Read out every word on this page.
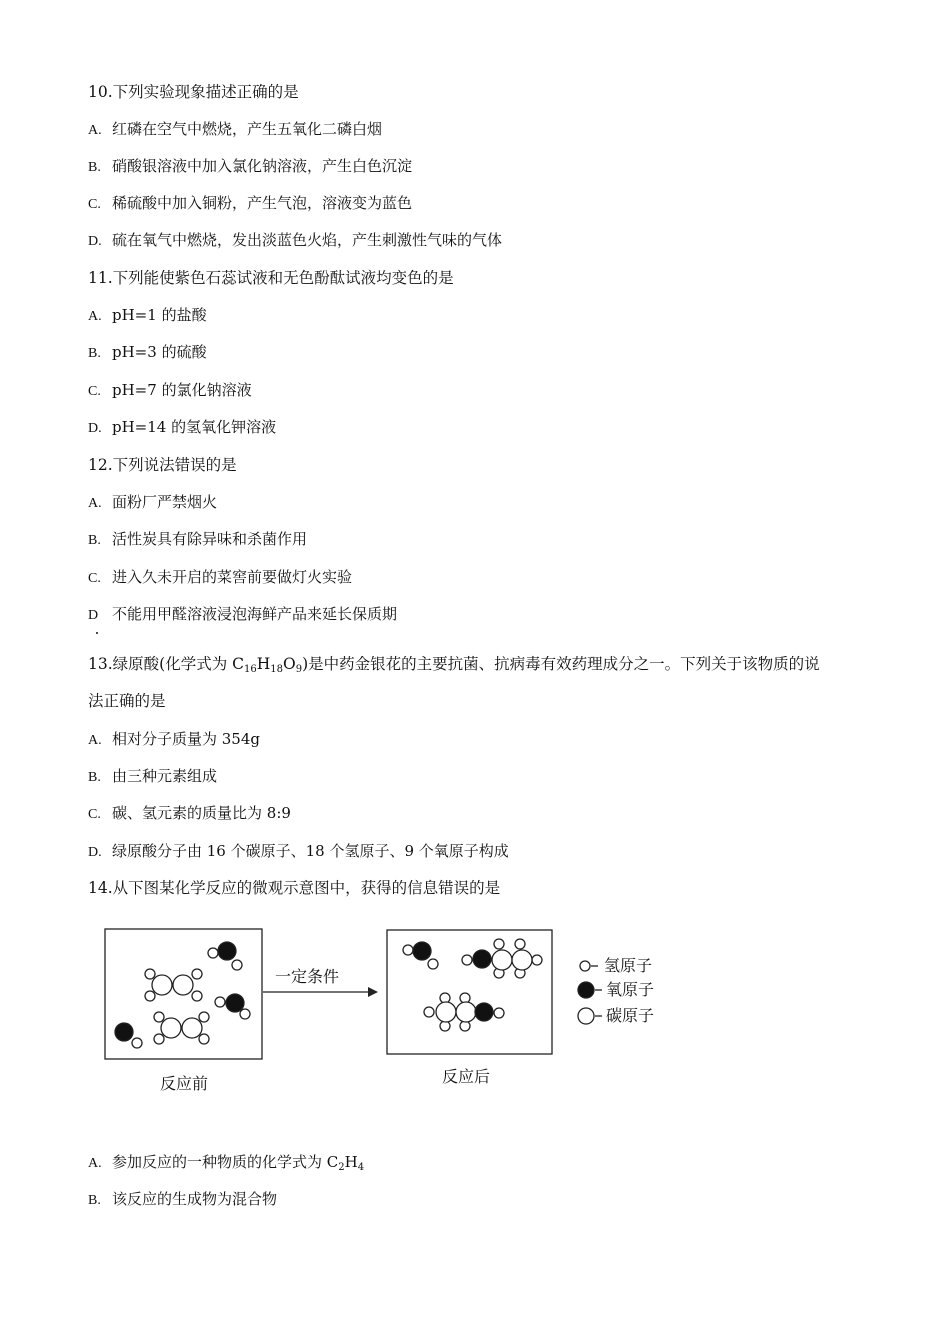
10.下列实验现象描述正确的是
A. 红磷在空气中燃烧，产生五氧化二磷白烟
B. 硝酸银溶液中加入氯化钠溶液，产生白色沉淀
C. 稀硫酸中加入铜粉，产生气泡，溶液变为蓝色
D. 硫在氧气中燃烧，发出淡蓝色火焰，产生刺激性气味的气体
11.下列能使紫色石蕊试液和无色酚酞试液均变色的是
A. pH=1 的盐酸
B. pH=3 的硫酸
C. pH=7 的氯化钠溶液
D. pH=14 的氢氧化钾溶液
12.下列说法错误的是
A. 面粉厂严禁烟火
B. 活性炭具有除异味和杀菌作用
C. 进入久未开启的菜窖前要做灯火实验
D 不能用甲醛溶液浸泡海鲜产品来延长保质期
13.绿原酸(化学式为 $C_{16}H_{18}O_9$)是中药金银花的主要抗菌、抗病毒有效药理成分之一。下列关于该物质的说
法正确的是
A. 相对分子质量为 354g
B. 由三种元素组成
C. 碳、氢元素的质量比为 8:9
D. 绿原酸分子由 16 个碳原子、18 个氢原子、9 个氧原子构成
14.从下图某化学反应的微观示意图中，获得的信息错误的是
氢原子
氧原子
碳原子
一定条件
反应前	反应后
A. 参加反应的一种物质的化学式为 $C_2H_4$
B. 该反应的生成物为混合物
